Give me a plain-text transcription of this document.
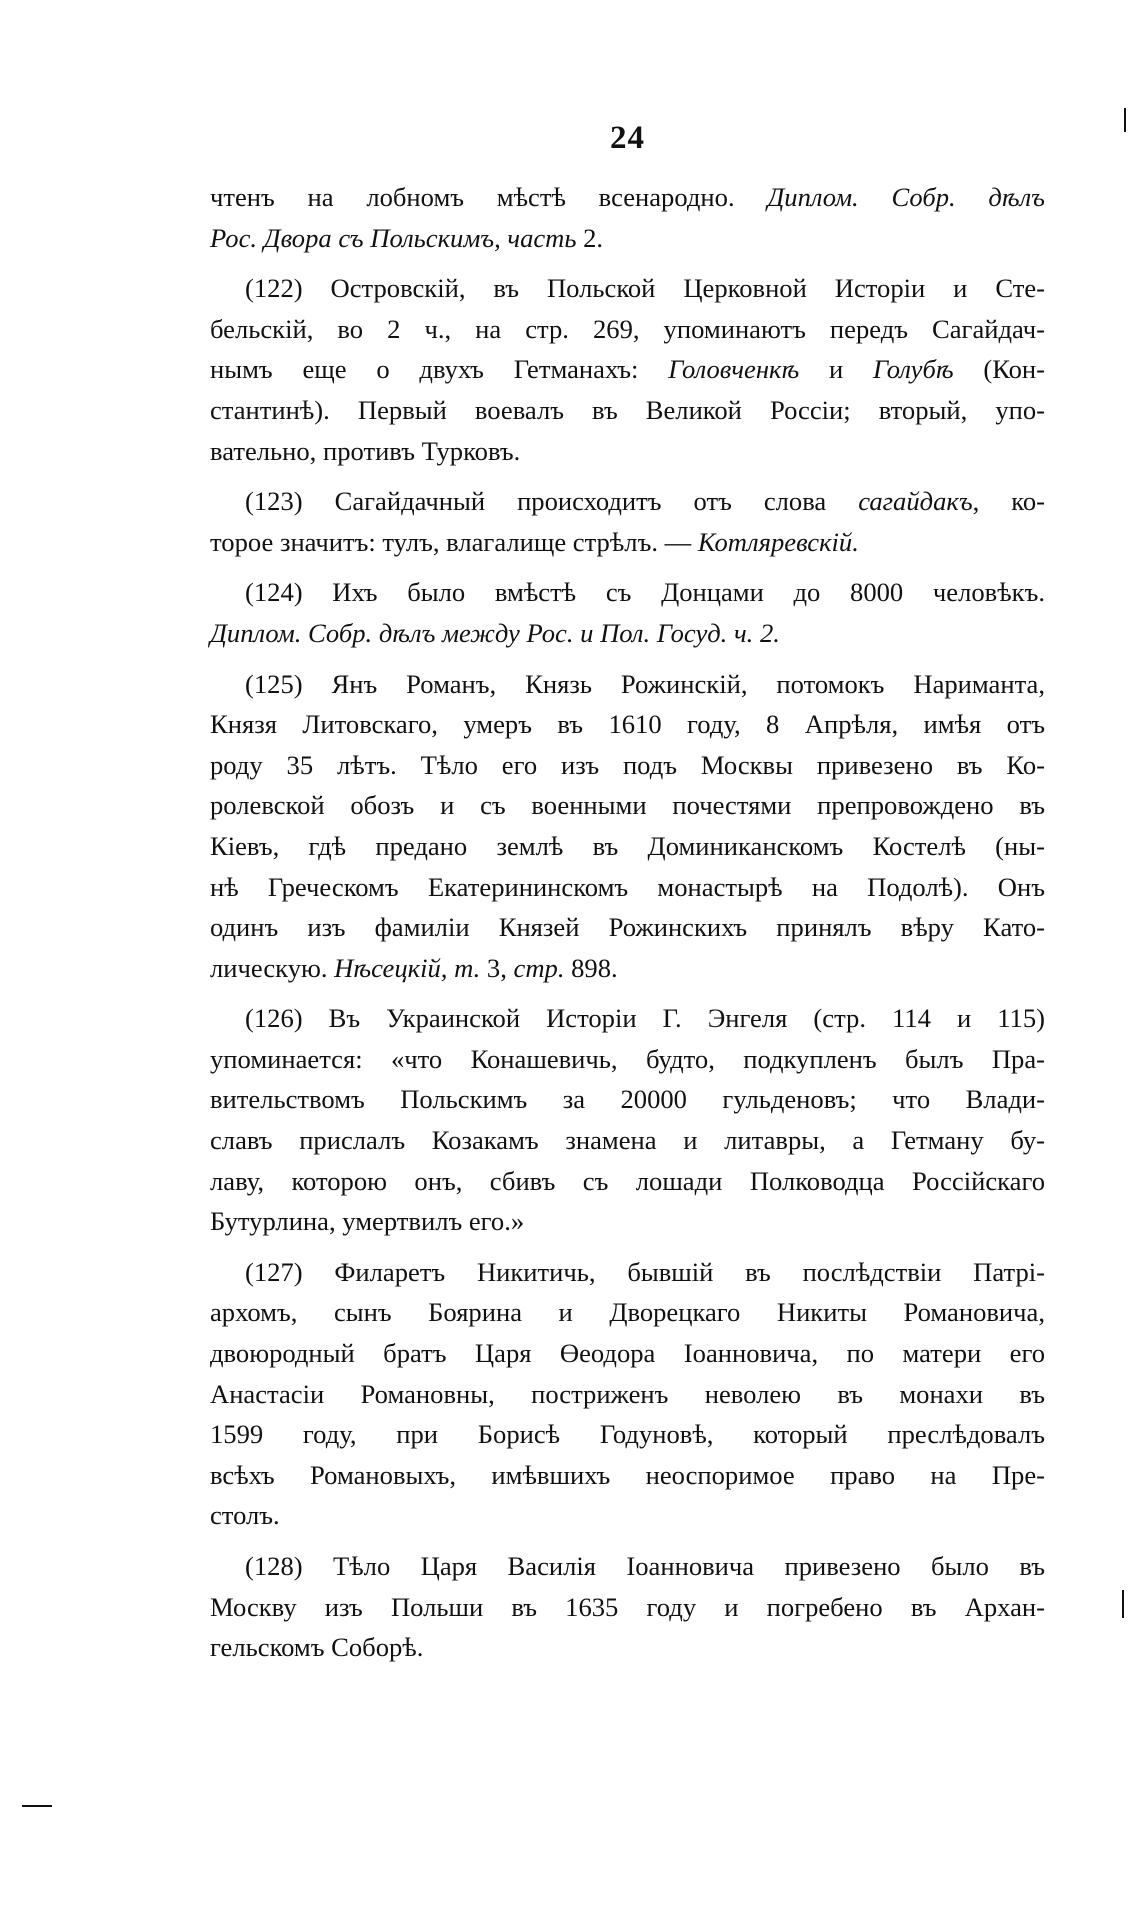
24
чтенъ на лобномъ мѣстѣ всенародно. Диплом. Собр. дѣлъ
Рос. Двора съ Польскимъ, часть 2.
(122) Островскій, въ Польской Церковной Исторіи и Сте-
бельскій, во 2 ч., на стр. 269, упоминаютъ передъ Сагайдач-
нымъ еще о двухъ Гетманахъ: Головченкѣ и Голубѣ (Кон-
стантинѣ). Первый воевалъ въ Великой Россіи; вторый, упо-
вательно, противъ Турковъ.
(123) Сагайдачный происходитъ отъ слова сагайдакъ, ко-
торое значитъ: тулъ, влагалище стрѣлъ. — Котляревскій.
(124) Ихъ было вмѣстѣ съ Донцами до 8000 человѣкъ.
Диплом. Собр. дѣлъ между Рос. и Пол. Госуд. ч. 2.
(125) Янъ Романъ, Князь Рожинскій, потомокъ Нариманта,
Князя Литовскаго, умеръ въ 1610 году, 8 Апрѣля, имѣя отъ
роду 35 лѣтъ. Тѣло его изъ подъ Москвы привезено въ Ко-
ролевской обозъ и съ военными почестями препровождено въ
Кіевъ, гдѣ предано землѣ въ Доминиканскомъ Костелѣ (ны-
нѣ Греческомъ Екатерининскомъ монастырѣ на Подолѣ). Онъ
одинъ изъ фамиліи Князей Рожинскихъ принялъ вѣру Като-
лическую. Нѣсецкій, т. 3, стр. 898.
(126) Въ Украинской Исторіи Г. Энгеля (стр. 114 и 115)
упоминается: «что Конашевичь, будто, подкупленъ былъ Пра-
вительствомъ Польскимъ за 20000 гульденовъ; что Влади-
славъ прислалъ Козакамъ знамена и литавры, а Гетману бу-
лаву, которою онъ, сбивъ съ лошади Полководца Россійскаго
Бутурлина, умертвилъ его.»
(127) Филаретъ Никитичь, бывшій въ послѣдствіи Патрі-
архомъ, сынъ Боярина и Дворецкаго Никиты Романовича,
двоюродный братъ Царя Өеодора Іоанновича, по матери его
Анастасіи Романовны, постриженъ неволею въ монахи въ
1599 году, при Борисѣ Годуновѣ, который преслѣдовалъ
всѣхъ Романовыхъ, имѣвшихъ неоспоримое право на Пре-
столъ.
(128) Тѣло Царя Василія Іоанновича привезено было въ
Москву изъ Польши въ 1635 году и погребено въ Архан-
гельскомъ Соборѣ.
